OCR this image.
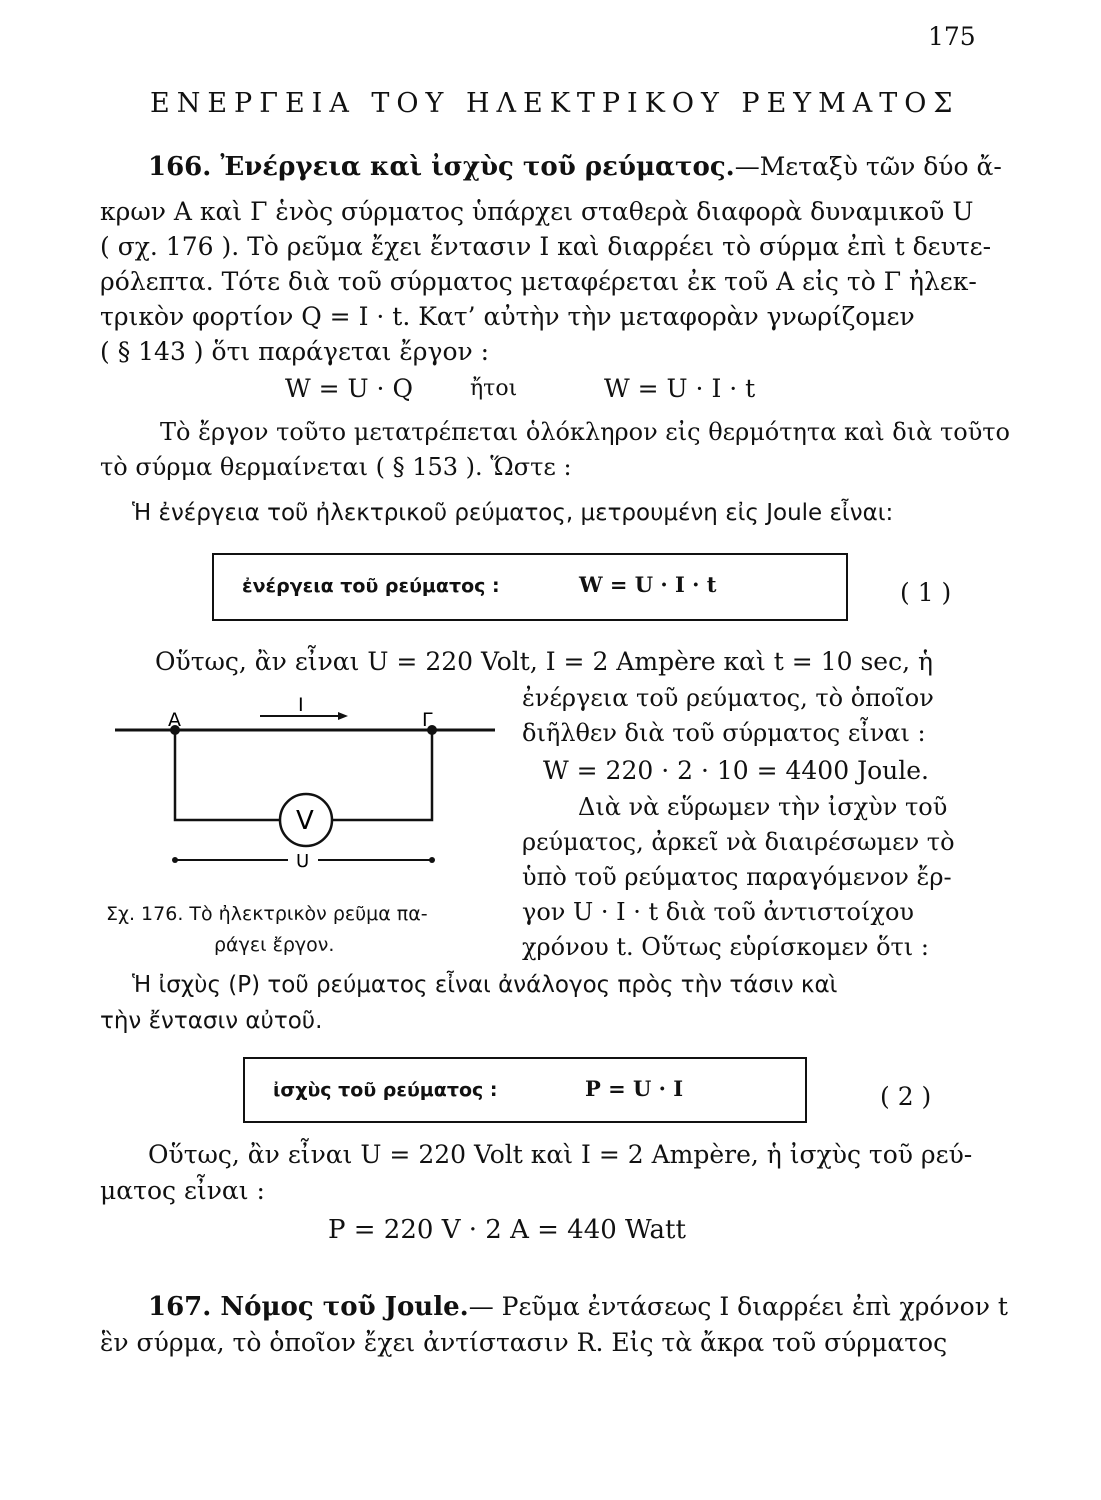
175
ΕΝΕΡΓΕΙΑ ΤΟΥ ΗΛΕΚΤΡΙΚΟΥ ΡΕΥΜΑΤΟΣ
166. Ἐνέργεια καὶ ἰσχὺς τοῦ ρεύματος.—Μεταξὺ τῶν δύο ἄ-
κρων Α καὶ Γ ἑνὸς σύρματος ὑπάρχει σταθερὰ διαφορὰ δυναμικοῦ U
( σχ. 176 ). Τὸ ρεῦμα ἔχει ἔντασιν I καὶ διαρρέει τὸ σύρμα ἐπὶ t δευτε-
ρόλεπτα. Τότε διὰ τοῦ σύρματος μεταφέρεται ἐκ τοῦ Α εἰς τὸ Γ ἠλεκ-
τρικὸν φορτίον Q = I · t. Κατ’ αὐτὴν τὴν μεταφορὰν γνωρίζομεν
( § 143 ) ὅτι παράγεται ἔργον :
W = U · Q	ἤτοι	W = U · I · t
Τὸ ἔργον τοῦτο μετατρέπεται ὁλόκληρον εἰς θερμότητα καὶ διὰ τοῦτο
τὸ σύρμα θερμαίνεται ( § 153 ). Ὥστε :
Ἡ ἐνέργεια τοῦ ἠλεκτρικοῦ ρεύματος, μετρουμένη εἰς Joule εἶναι:
ἐνέργεια τοῦ ρεύματος :	W = U · I · t	( 1 )
Οὕτως, ἂν εἶναι U = 220 Volt, I = 2 Ampère καὶ t = 10 sec, ἡ
A	Γ
I
V
U
Σχ. 176. Τὸ ἠλεκτρικὸν ρεῦμα πα-
ράγει ἔργον.
ἐνέργεια τοῦ ρεύματος, τὸ ὁποῖον
διῆλθεν διὰ τοῦ σύρματος εἶναι :
W = 220 · 2 · 10 = 4400 Joule.
Διὰ νὰ εὕρωμεν τὴν ἰσχὺν τοῦ
ρεύματος, ἀρκεῖ νὰ διαιρέσωμεν τὸ
ὑπὸ τοῦ ρεύματος παραγόμενον ἔρ-
γον U · I · t διὰ τοῦ ἀντιστοίχου
χρόνου t. Οὕτως εὑρίσκομεν ὅτι :
Ἡ ἰσχὺς (P) τοῦ ρεύματος εἶναι ἀνάλογος πρὸς τὴν τάσιν καὶ
τὴν ἔντασιν αὐτοῦ.
ἰσχὺς τοῦ ρεύματος :	P = U · I	( 2 )
Οὕτως, ἂν εἶναι U = 220 Volt καὶ I = 2 Ampère, ἡ ἰσχὺς τοῦ ρεύ-
ματος εἶναι :
P = 220 V · 2 A = 440 Watt
167. Νόμος τοῦ Joule.— Ρεῦμα ἐντάσεως I διαρρέει ἐπὶ χρόνον t
ἓν σύρμα, τὸ ὁποῖον ἔχει ἀντίστασιν R. Εἰς τὰ ἄκρα τοῦ σύρματος
